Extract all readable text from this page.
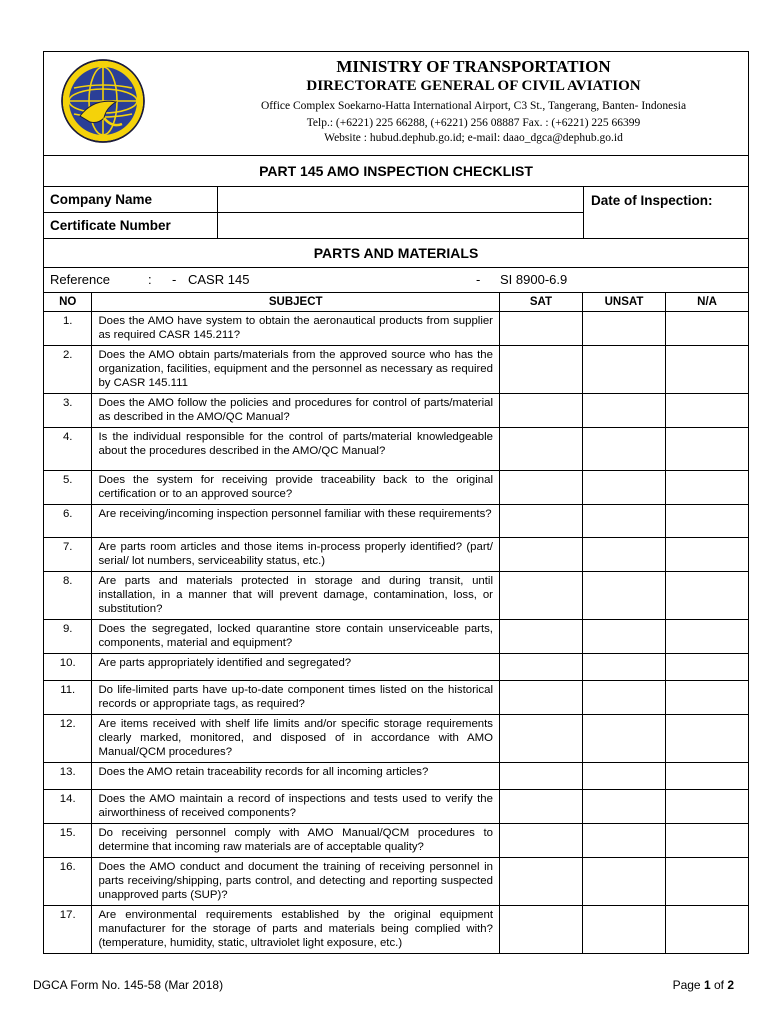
MINISTRY OF TRANSPORTATION
DIRECTORATE GENERAL OF CIVIL AVIATION
Office Complex Soekarno-Hatta International Airport, C3 St., Tangerang, Banten- Indonesia
Telp.: (+6221) 225 66288, (+6221) 256 08887 Fax. : (+6221) 225 66399
Website : hubud.dephub.go.id; e-mail: daao_dgca@dephub.go.id
PART 145 AMO INSPECTION CHECKLIST
Company Name
Certificate Number
Date of Inspection:
PARTS AND MATERIALS
Reference	: - CASR 145	- SI 8900-6.9
NO	SUBJECT	SAT	UNSAT	N/A
1.	Does the AMO have system to obtain the aeronautical products from supplier as required CASR 145.211?			
2.	Does the AMO obtain parts/materials from the approved source who has the organization, facilities, equipment and the personnel as necessary as required by CASR 145.111			
3.	Does the AMO follow the policies and procedures for control of parts/material as described in the AMO/QC Manual?			
4.	Is the individual responsible for the control of parts/material knowledgeable about the procedures described in the AMO/QC Manual?			
5.	Does the system for receiving provide traceability back to the original certification or to an approved source?			
6.	Are receiving/incoming inspection personnel familiar with these requirements?			
7.	Are parts room articles and those items in-process properly identified? (part/ serial/ lot numbers, serviceability status, etc.)			
8.	Are parts and materials protected in storage and during transit, until installation, in a manner that will prevent damage, contamination, loss, or substitution?			
9.	Does the segregated, locked quarantine store contain unserviceable parts, components, material and equipment?			
10.	Are parts appropriately identified and segregated?			
11.	Do life-limited parts have up-to-date component times listed on the historical records or appropriate tags, as required?			
12.	Are items received with shelf life limits and/or specific storage requirements clearly marked, monitored, and disposed of in accordance with AMO Manual/QCM procedures?			
13.	Does the AMO retain traceability records for all incoming articles?			
14.	Does the AMO maintain a record of inspections and tests used to verify the airworthiness of received components?			
15.	Do receiving personnel comply with AMO Manual/QCM procedures to determine that incoming raw materials are of acceptable quality?			
16.	Does the AMO conduct and document the training of receiving personnel in parts receiving/shipping, parts control, and detecting and reporting suspected unapproved parts (SUP)?			
17.	Are environmental requirements established by the original equipment manufacturer for the storage of parts and materials being complied with? (temperature, humidity, static, ultraviolet light exposure, etc.)			
DGCA Form No. 145-58 (Mar 2018)	Page 1 of 2
